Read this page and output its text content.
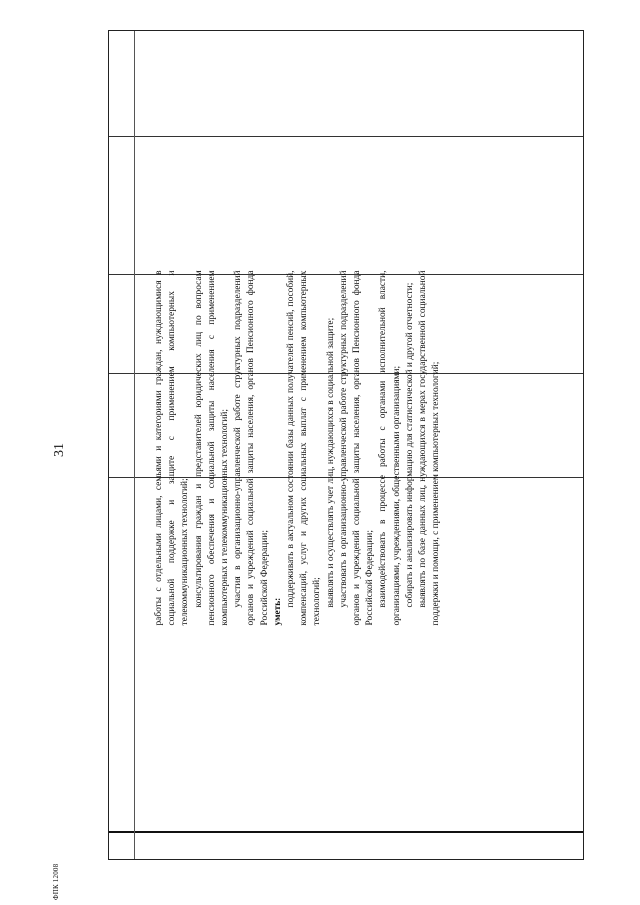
31	работы с отдельными лицами, семьями и категориями граждан, нуждающимися в социальной поддержке и защите с применением компьютерных и телекоммуникационных технологий; консультирования граждан и представителей юридических лиц по вопросам пенсионного обеспечения и социальной защиты населения с применением компьютерных и телекоммуникационных технологий; участия в организационно-управленческой работе структурных подразделений органов и учреждений социальной защиты населения, органов Пенсионного фонда Российской Федерации; уметь:

поддерживать в актуальном состоянии базы данных получателей пенсий, пособий, компенсаций, услуг и других социальных выплат с применением компьютерных технологий; выявлять и осуществлять учет лиц, нуждающихся в социальной защите; участвовать в организационно-управленческой работе структурных подразделений органов и учреждений социальной защиты населения, органов Пенсионного фонда Российской Федерации; взаимодействовать в процессе работы с органами исполнительной власти, организациями, учреждениями, общественными организациями; собирать и анализировать информацию для статистической и другой отчетности; выявлять по базе данных лиц, нуждающихся в мерах государственной социальной поддержки и помощи, с применением компьютерных технологий;

ФПК 12008
